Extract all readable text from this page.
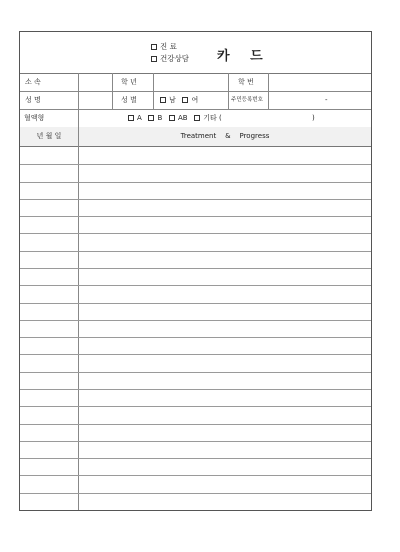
진 료
건강상담 카 드
소 속	학 년	학 번
성 명	성 별	남 여	주민등록번호	-
혈액형	A B AB 기타 (	)
년 월 일	Treatment    &    Progress
